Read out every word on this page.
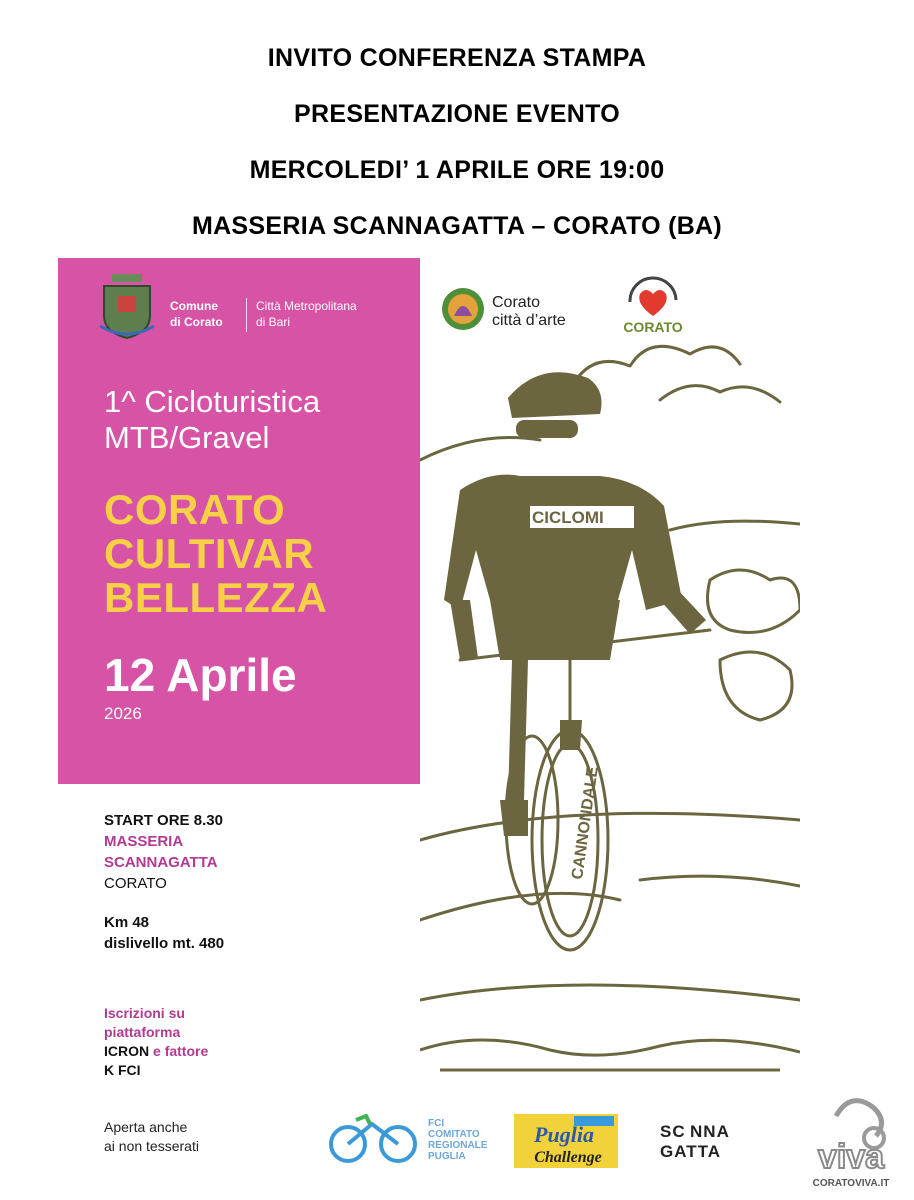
INVITO CONFERENZA STAMPA
PRESENTAZIONE EVENTO
MERCOLEDI’ 1 APRILE ORE 19:00
MASSERIA SCANNAGATTA – CORATO (BA)
Comune
di Corato
Città Metropolitana
di Bari
1^ Cicloturistica
MTB/Gravel
CORATO
CULTIVAR
BELLEZZA
12 Aprile
2026
CICLOMI
CANNONDALE
Corato
città d’arte	CORATO
START ORE 8.30
MASSERIA
SCANNAGATTA
CORATO
Km 48
dislivello mt. 480
Iscrizioni su
piattaforma
ICRON e fattore
K FCI
Aperta anche
ai non tesserati
FCI
COMITATO
REGIONALE
PUGLIA
Puglia
Challenge
SC NNA
GATTA	viva
CORATOVIVA.IT
